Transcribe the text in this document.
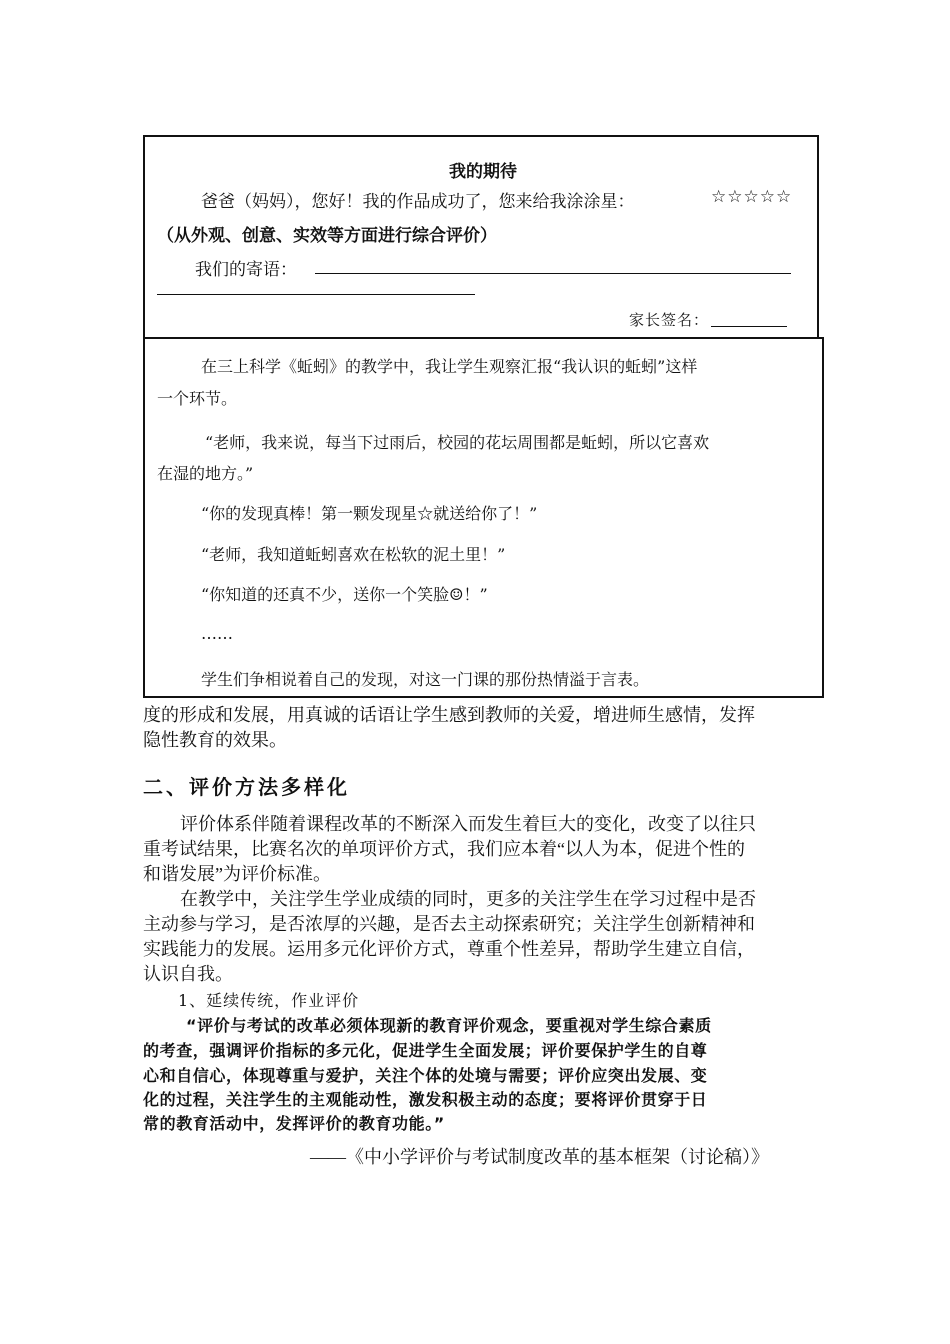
我的期待
爸爸（妈妈），您好！我的作品成功了，您来给我涂涂星：	☆☆☆☆☆
（从外观、创意、实效等方面进行综合评价）
我们的寄语：
家长签名：
在三上科学《蚯蚓》的教学中，我让学生观察汇报“我认识的蚯蚓”这样
一个环节。
“老师，我来说，每当下过雨后，校园的花坛周围都是蚯蚓，所以它喜欢
在湿的地方。”
“你的发现真棒！第一颗发现星☆就送给你了！”
“老师，我知道蚯蚓喜欢在松软的泥土里！”
“你知道的还真不少，送你一个笑脸☺！”
……
学生们争相说着自己的发现，对这一门课的那份热情溢于言表。
度的形成和发展，用真诚的话语让学生感到教师的关爱，增进师生感情，发挥
隐性教育的效果。
二、评价方法多样化
评价体系伴随着课程改革的不断深入而发生着巨大的变化，改变了以往只
重考试结果，比赛名次的单项评价方式，我们应本着“以人为本，促进个性的
和谐发展”为评价标准。
在教学中，关注学生学业成绩的同时，更多的关注学生在学习过程中是否
主动参与学习，是否浓厚的兴趣，是否去主动探索研究；关注学生创新精神和
实践能力的发展。运用多元化评价方式，尊重个性差异，帮助学生建立自信，
认识自我。
1、延续传统，作业评价
“评价与考试的改革必须体现新的教育评价观念，要重视对学生综合素质
的考查，强调评价指标的多元化，促进学生全面发展；评价要保护学生的自尊
心和自信心，体现尊重与爱护，关注个体的处境与需要；评价应突出发展、变
化的过程，关注学生的主观能动性，激发积极主动的态度；要将评价贯穿于日
常的教育活动中，发挥评价的教育功能。”
——《中小学评价与考试制度改革的基本框架（讨论稿）》
